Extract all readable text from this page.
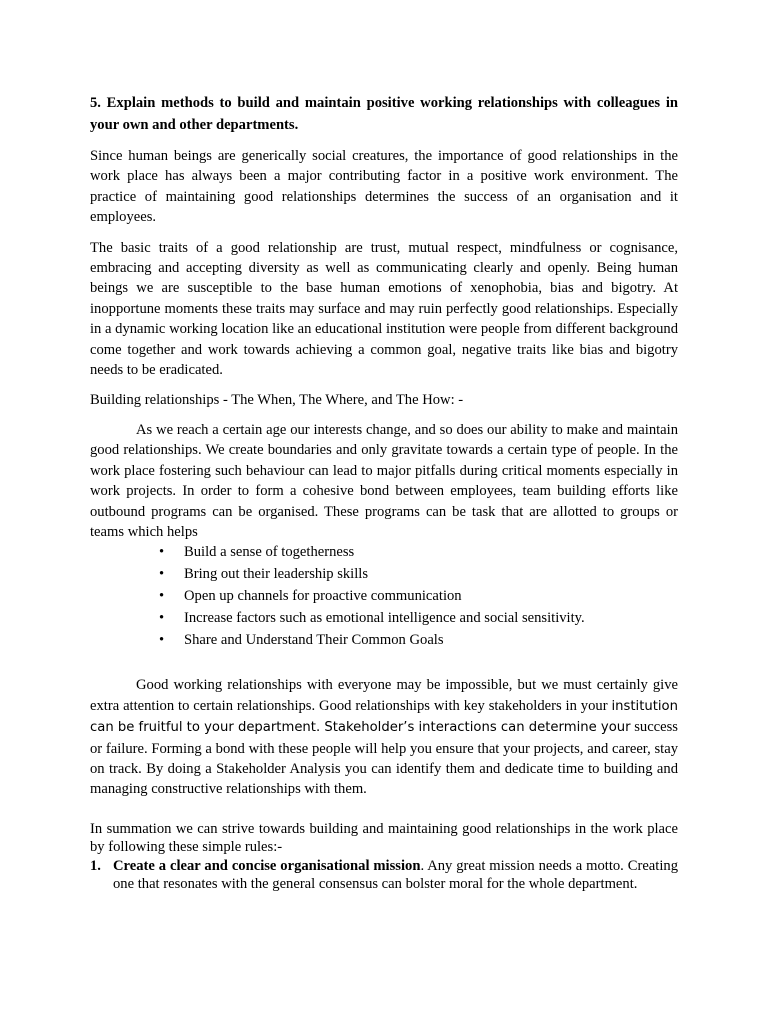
5. Explain methods to build and maintain positive working relationships with colleagues in your own and other departments.

Since human beings are generically social creatures, the importance of good relationships in the work place has always been a major contributing factor in a positive work environment. The practice of maintaining good relationships determines the success of an organisation and it employees.

The basic traits of a good relationship are trust, mutual respect, mindfulness or cognisance, embracing and accepting diversity as well as communicating clearly and openly. Being human beings we are susceptible to the base human emotions of xenophobia, bias and bigotry. At inopportune moments these traits may surface and may ruin perfectly good relationships. Especially in a dynamic working location like an educational institution were people from different background come together and work towards achieving a common goal, negative traits like bias and bigotry needs to be eradicated.

Building relationships - The When, The Where, and The How: -

As we reach a certain age our interests change, and so does our ability to make and maintain good relationships. We create boundaries and only gravitate towards a certain type of people. In the work place fostering such behaviour can lead to major pitfalls during critical moments especially in work projects. In order to form a cohesive bond between employees, team building efforts like outbound programs can be organised. These programs can be task that are allotted to groups or teams which helps

• Build a sense of togetherness
• Bring out their leadership skills
• Open up channels for proactive communication
• Increase factors such as emotional intelligence and social sensitivity.
• Share and Understand Their Common Goals

Good working relationships with everyone may be impossible, but we must certainly give extra attention to certain relationships. Good relationships with key stakeholders in your institution can be fruitful to your department. Stakeholder’s interactions can determine your success or failure. Forming a bond with these people will help you ensure that your projects, and career, stay on track. By doing a Stakeholder Analysis you can identify them and dedicate time to building and managing constructive relationships with them.

In summation we can strive towards building and maintaining good relationships in the work place by following these simple rules:-

1. Create a clear and concise organisational mission. Any great mission needs a motto. Creating one that resonates with the general consensus can bolster moral for the whole department.
